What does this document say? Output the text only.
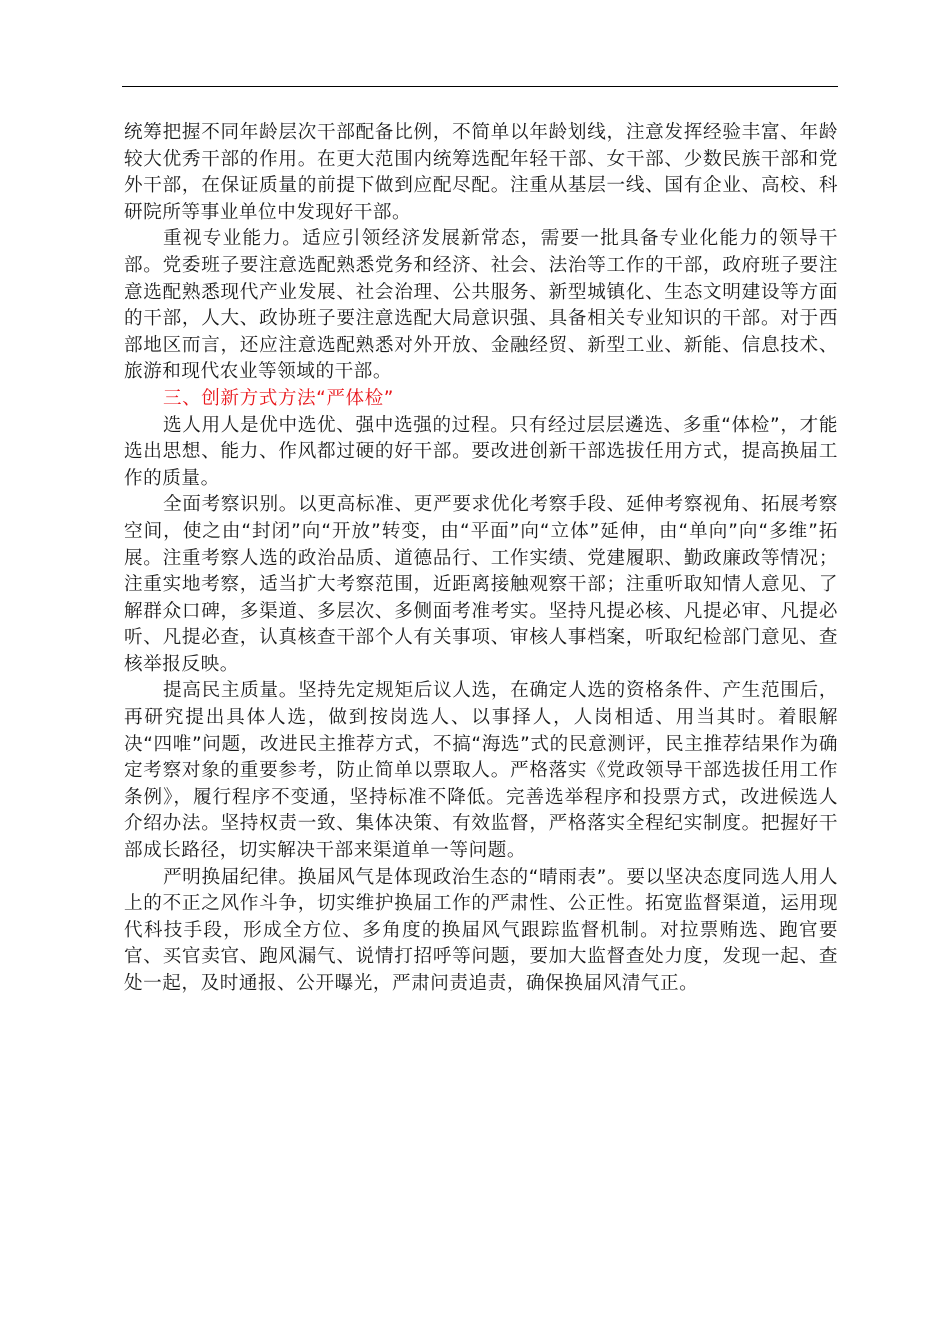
统筹把握不同年龄层次干部配备比例，不简单以年龄划线，注意发挥经验丰富、年龄较大优秀干部的作用。在更大范围内统筹选配年轻干部、女干部、少数民族干部和党外干部，在保证质量的前提下做到应配尽配。注重从基层一线、国有企业、高校、科研院所等事业单位中发现好干部。

重视专业能力。适应引领经济发展新常态，需要一批具备专业化能力的领导干部。党委班子要注意选配熟悉党务和经济、社会、法治等工作的干部，政府班子要注意选配熟悉现代产业发展、社会治理、公共服务、新型城镇化、生态文明建设等方面的干部，人大、政协班子要注意选配大局意识强、具备相关专业知识的干部。对于西部地区而言，还应注意选配熟悉对外开放、金融经贸、新型工业、新能、信息技术、旅游和现代农业等领域的干部。

三、创新方式方法“严体检”

选人用人是优中选优、强中选强的过程。只有经过层层遴选、多重“体检”，才能选出思想、能力、作风都过硬的好干部。要改进创新干部选拔任用方式，提高换届工作的质量。

全面考察识别。以更高标准、更严要求优化考察手段、延伸考察视角、拓展考察空间，使之由“封闭”向“开放”转变，由“平面”向“立体”延伸，由“单向”向“多维”拓展。注重考察人选的政治品质、道德品行、工作实绩、党建履职、勤政廉政等情况；注重实地考察，适当扩大考察范围，近距离接触观察干部；注重听取知情人意见、了解群众口碑，多渠道、多层次、多侧面考准考实。坚持凡提必核、凡提必审、凡提必听、凡提必查，认真核查干部个人有关事项、审核人事档案，听取纪检部门意见、查核举报反映。

提高民主质量。坚持先定规矩后议人选，在确定人选的资格条件、产生范围后，再研究提出具体人选，做到按岗选人、以事择人，人岗相适、用当其时。着眼解决“四唯”问题，改进民主推荐方式，不搞“海选”式的民意测评，民主推荐结果作为确定考察对象的重要参考，防止简单以票取人。严格落实《党政领导干部选拔任用工作条例》，履行程序不变通，坚持标准不降低。完善选举程序和投票方式，改进候选人介绍办法。坚持权责一致、集体决策、有效监督，严格落实全程纪实制度。把握好干部成长路径，切实解决干部来渠道单一等问题。

严明换届纪律。换届风气是体现政治生态的“晴雨表”。要以坚决态度同选人用人上的不正之风作斗争，切实维护换届工作的严肃性、公正性。拓宽监督渠道，运用现代科技手段，形成全方位、多角度的换届风气跟踪监督机制。对拉票贿选、跑官要官、买官卖官、跑风漏气、说情打招呼等问题，要加大监督查处力度，发现一起、查处一起，及时通报、公开曝光，严肃问责追责，确保换届风清气正。
